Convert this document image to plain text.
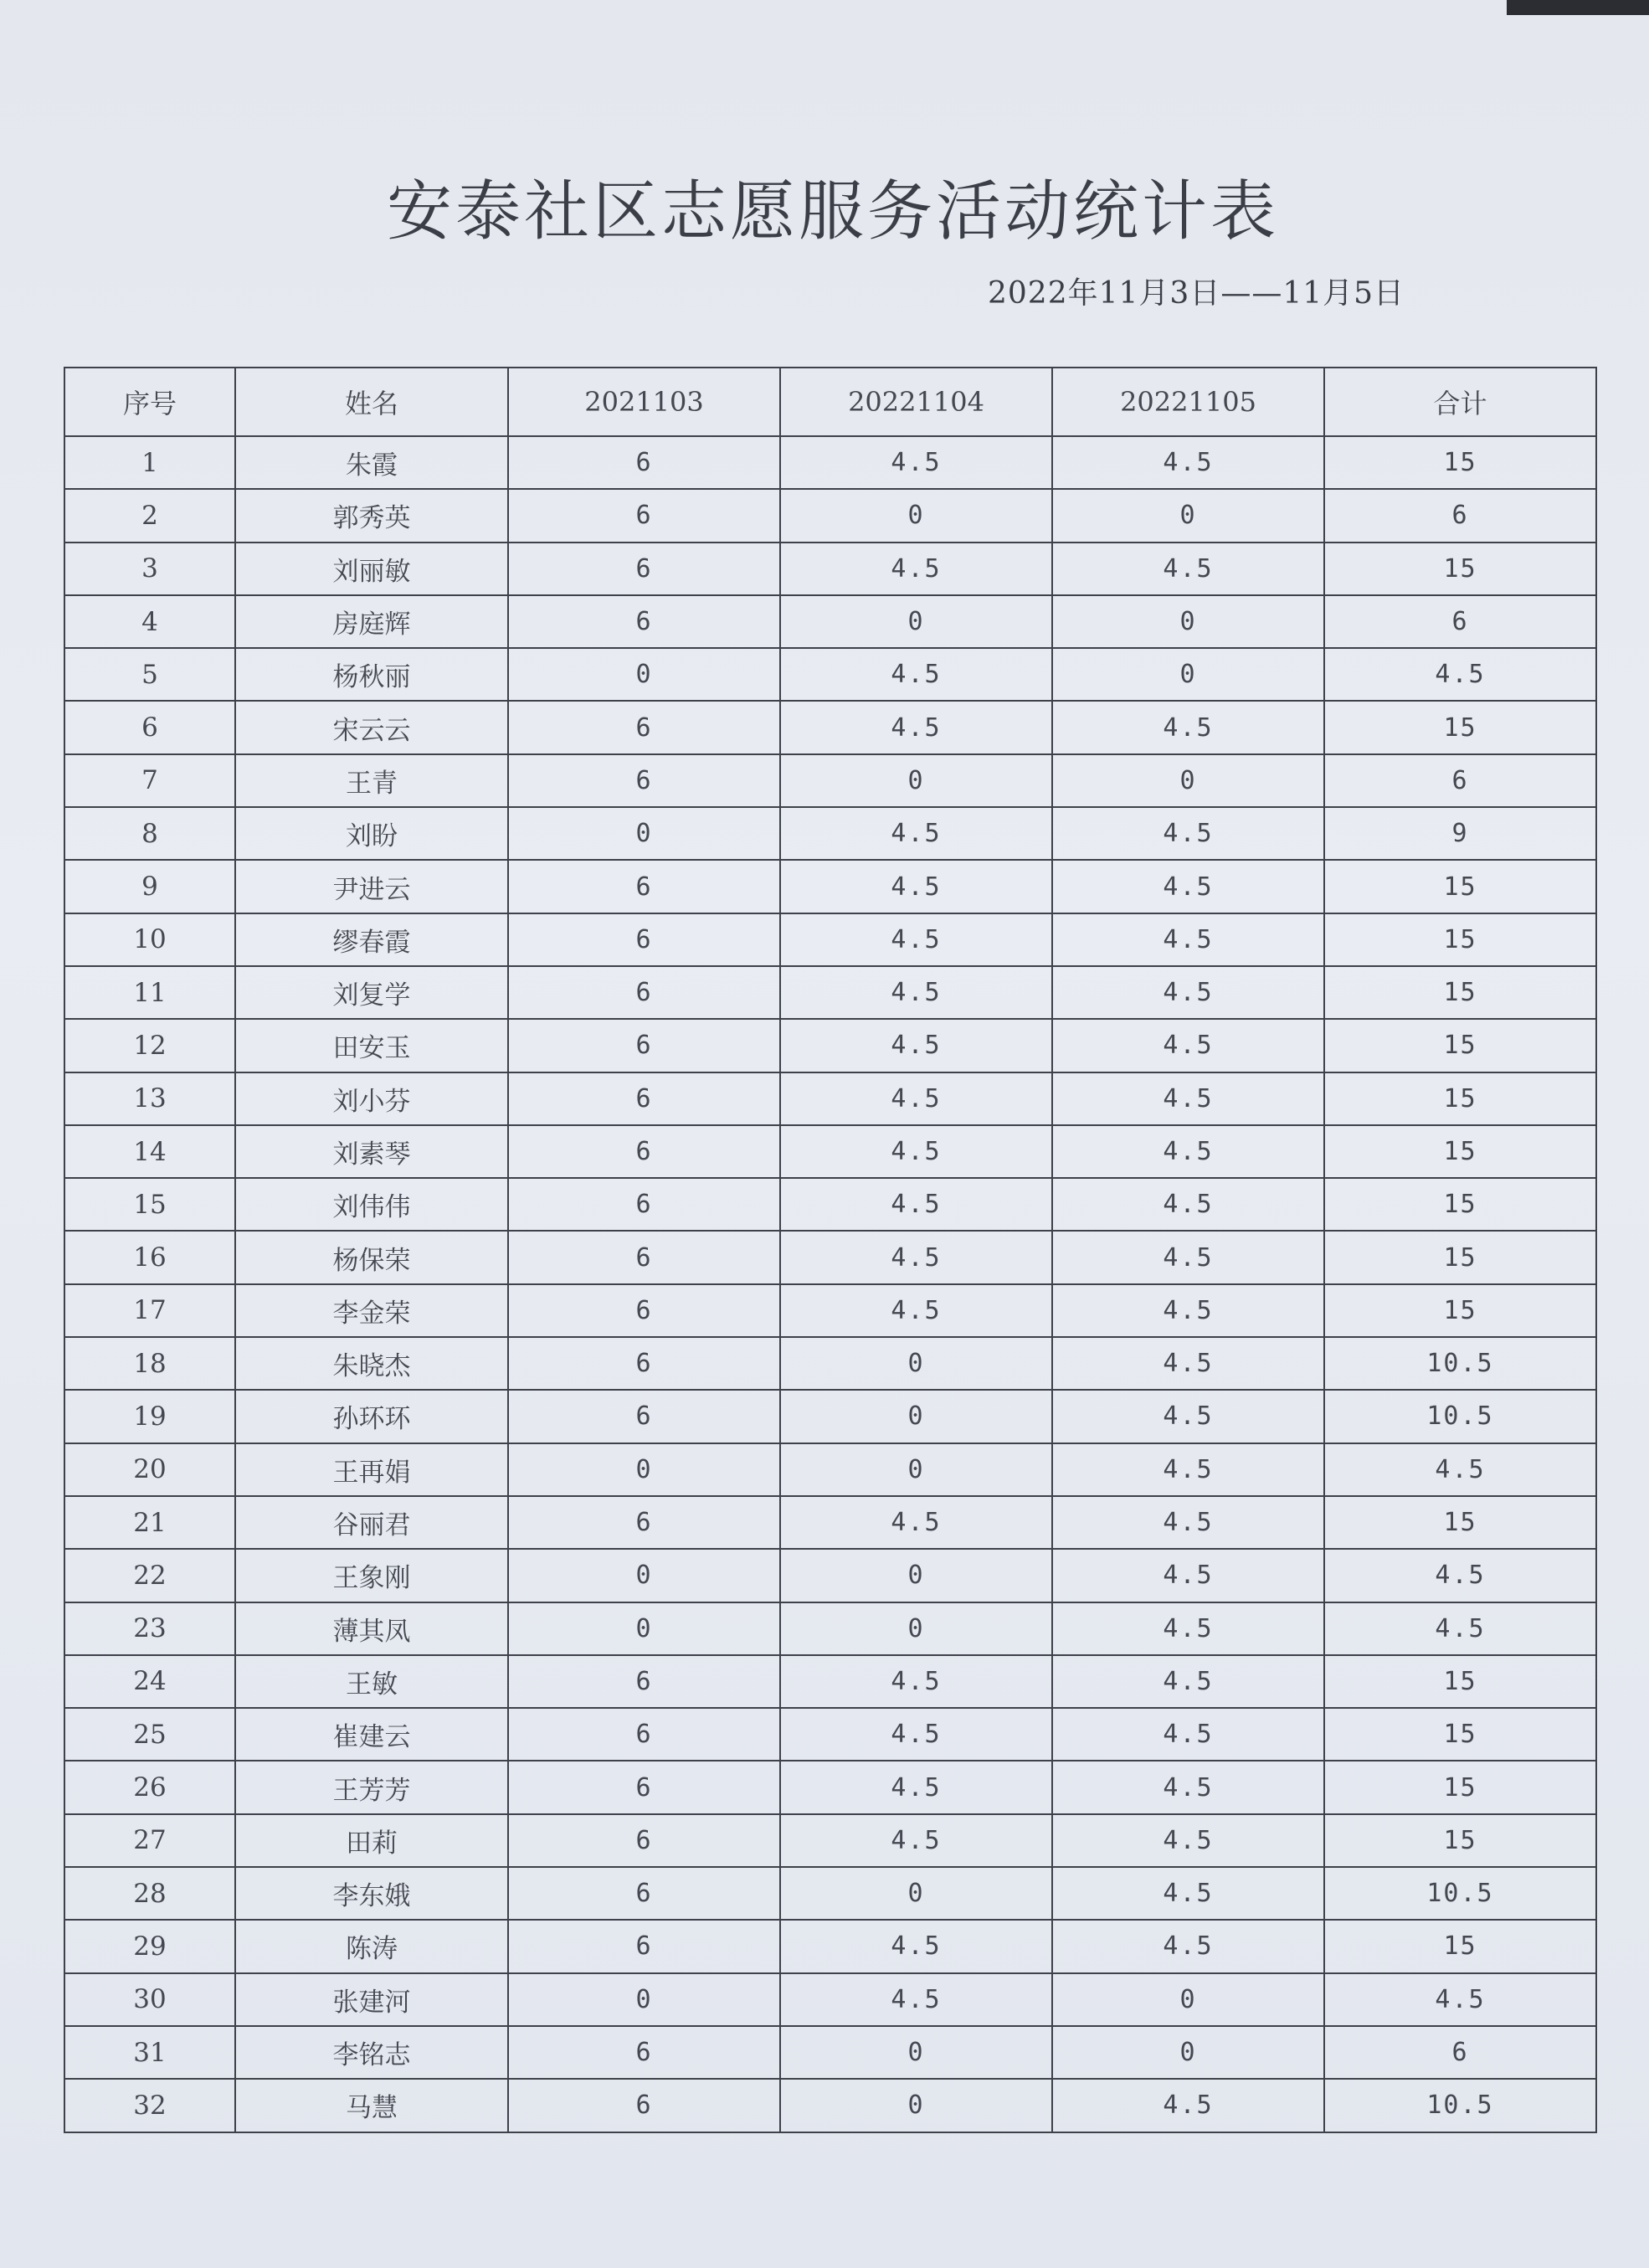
安泰社区志愿服务活动统计表
2022年11月3日——11月5日
序号	姓名	2021103	20221104	20221105	合计
1	朱霞	6	4.5	4.5	15
2	郭秀英	6	0	0	6
3	刘丽敏	6	4.5	4.5	15
4	房庭辉	6	0	0	6
5	杨秋丽	0	4.5	0	4.5
6	宋云云	6	4.5	4.5	15
7	王青	6	0	0	6
8	刘盼	0	4.5	4.5	9
9	尹进云	6	4.5	4.5	15
10	缪春霞	6	4.5	4.5	15
11	刘复学	6	4.5	4.5	15
12	田安玉	6	4.5	4.5	15
13	刘小芬	6	4.5	4.5	15
14	刘素琴	6	4.5	4.5	15
15	刘伟伟	6	4.5	4.5	15
16	杨保荣	6	4.5	4.5	15
17	李金荣	6	4.5	4.5	15
18	朱晓杰	6	0	4.5	10.5
19	孙环环	6	0	4.5	10.5
20	王再娟	0	0	4.5	4.5
21	谷丽君	6	4.5	4.5	15
22	王象刚	0	0	4.5	4.5
23	薄其凤	0	0	4.5	4.5
24	王敏	6	4.5	4.5	15
25	崔建云	6	4.5	4.5	15
26	王芳芳	6	4.5	4.5	15
27	田莉	6	4.5	4.5	15
28	李东娥	6	0	4.5	10.5
29	陈涛	6	4.5	4.5	15
30	张建河	0	4.5	0	4.5
31	李铭志	6	0	0	6
32	马慧	6	0	4.5	10.5
